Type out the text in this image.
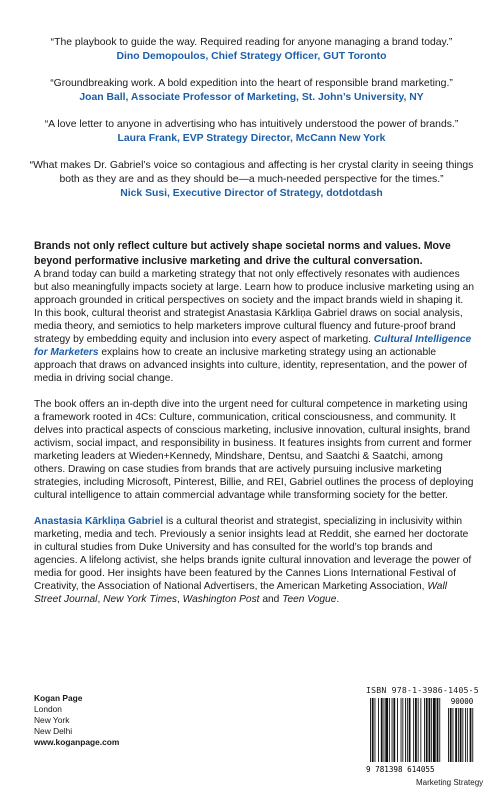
“The playbook to guide the way. Required reading for anyone managing a brand today.”
Dino Demopoulos, Chief Strategy Officer, GUT Toronto
“Groundbreaking work. A bold expedition into the heart of responsible brand marketing.”
Joan Ball, Associate Professor of Marketing, St. John’s University, NY
“A love letter to anyone in advertising who has intuitively understood the power of brands.”
Laura Frank, EVP Strategy Director, McCann New York
“What makes Dr. Gabriel’s voice so contagious and affecting is her crystal clarity in seeing things both as they are and as they should be—a much-needed perspective for the times.”
Nick Susi, Executive Director of Strategy, dotdotdash
Brands not only reflect culture but actively shape societal norms and values. Move beyond performative inclusive marketing and drive the cultural conversation.

A brand today can build a marketing strategy that not only effectively resonates with audiences but also meaningfully impacts society at large. Learn how to produce inclusive marketing using an approach grounded in critical perspectives on society and the impact brands wield in shaping it. In this book, cultural theorist and strategist Anastasia Kārkliņa Gabriel draws on social analysis, media theory, and semiotics to help marketers improve cultural fluency and future-proof brand strategy by embedding equity and inclusion into every aspect of marketing. Cultural Intelligence for Marketers explains how to create an inclusive marketing strategy using an actionable approach that draws on advanced insights into culture, identity, representation, and the power of media in driving social change.

The book offers an in-depth dive into the urgent need for cultural competence in marketing using a framework rooted in 4Cs: Culture, communication, critical consciousness, and community. It delves into practical aspects of conscious marketing, inclusive innovation, cultural insights, brand activism, social impact, and responsibility in business. It features insights from current and former marketing leaders at Wieden+Kennedy, Mindshare, Dentsu, and Saatchi & Saatchi, among others. Drawing on case studies from brands that are actively pursuing inclusive marketing strategies, including Microsoft, Pinterest, Billie, and REI, Gabriel outlines the process of deploying cultural intelligence to attain commercial advantage while transforming society for the better.

Anastasia Kārkliņa Gabriel is a cultural theorist and strategist, specializing in inclusivity within marketing, media and tech. Previously a senior insights lead at Reddit, she earned her doctorate in cultural studies from Duke University and has consulted for the world’s top brands and agencies. A lifelong activist, she helps brands ignite cultural innovation and leverage the power of media for good. Her insights have been featured by the Cannes Lions International Festival of Creativity, the Association of National Advertisers, the American Marketing Association, Wall Street Journal, New York Times, Washington Post and Teen Vogue.

Kogan Page
London
New York
New Delhi
www.koganpage.com
ISBN 978-1-3986-1405-5
90000
9 781398 614055
Marketing Strategy
